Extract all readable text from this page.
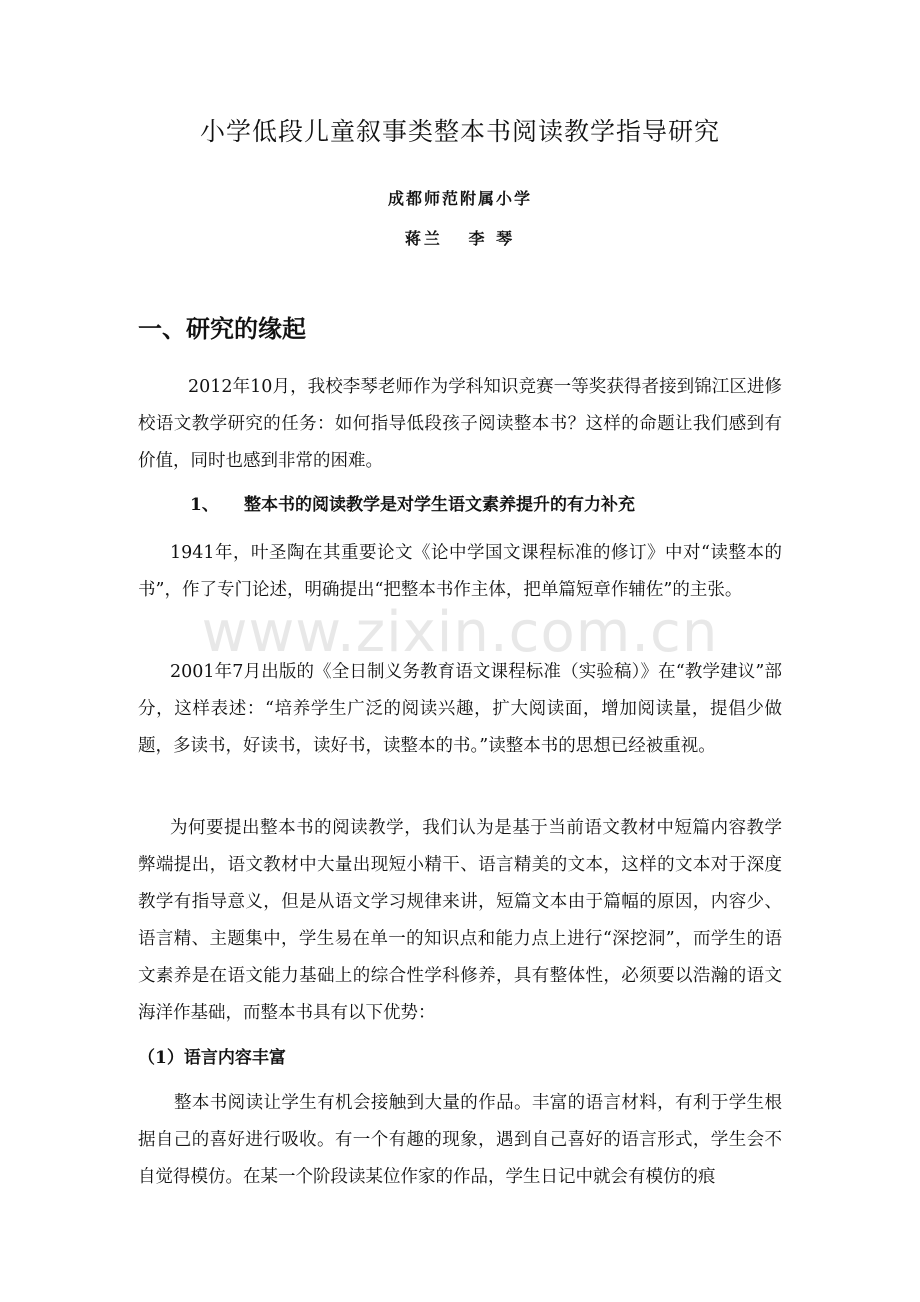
小学低段儿童叙事类整本书阅读教学指导研究
成都师范附属小学
蒋兰   李 琴
一、研究的缘起
2012年10月，我校李琴老师作为学科知识竞赛一等奖获得者接到锦江区进修校语文教学研究的任务：如何指导低段孩子阅读整本书？这样的命题让我们感到有价值，同时也感到非常的困难。
1、 整本书的阅读教学是对学生语文素养提升的有力补充
1941年，叶圣陶在其重要论文《论中学国文课程标准的修订》中对“读整本的书”，作了专门论述，明确提出“把整本书作主体，把单篇短章作辅佐”的主张。
2001年7月出版的《全日制义务教育语文课程标准（实验稿）》在“教学建议”部分，这样表述：“培养学生广泛的阅读兴趣，扩大阅读面，增加阅读量，提倡少做题，多读书，好读书，读好书，读整本的书。”读整本书的思想已经被重视。
为何要提出整本书的阅读教学，我们认为是基于当前语文教材中短篇内容教学弊端提出，语文教材中大量出现短小精干、语言精美的文本，这样的文本对于深度教学有指导意义，但是从语文学习规律来讲，短篇文本由于篇幅的原因，内容少、语言精、主题集中，学生易在单一的知识点和能力点上进行“深挖洞”，而学生的语文素养是在语文能力基础上的综合性学科修养，具有整体性，必须要以浩瀚的语文海洋作基础，而整本书具有以下优势：
（1）语言内容丰富
整本书阅读让学生有机会接触到大量的作品。丰富的语言材料，有利于学生根据自己的喜好进行吸收。有一个有趣的现象，遇到自己喜好的语言形式，学生会不自觉得模仿。在某一个阶段读某位作家的作品，学生日记中就会有模仿的痕
www.zixin.com.cn
